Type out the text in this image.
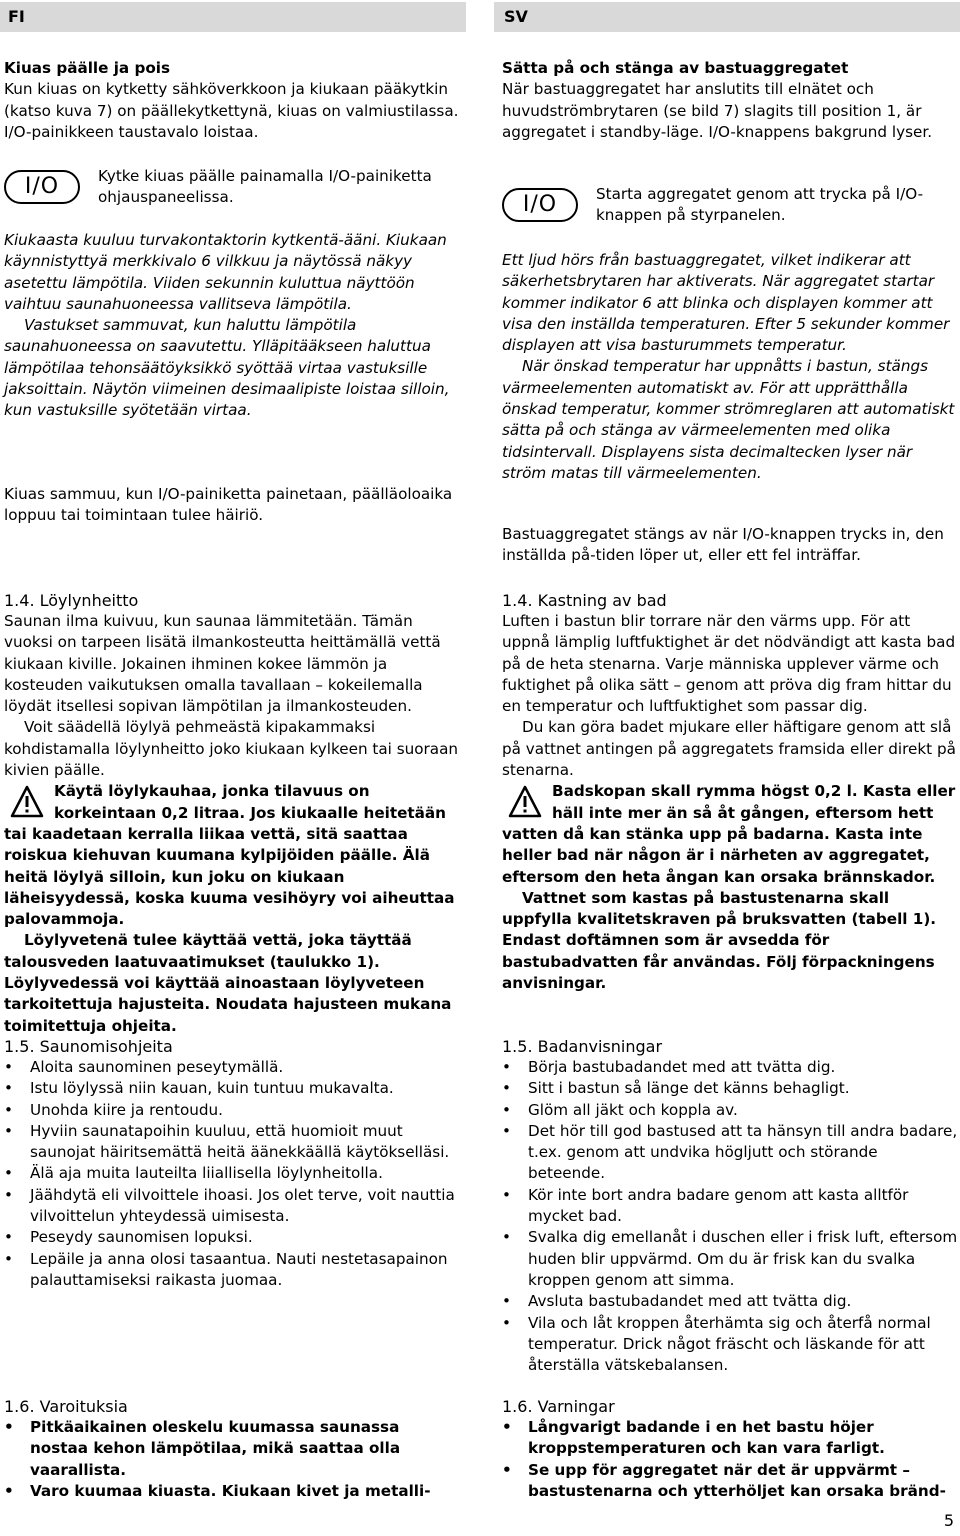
FI	SV

Kiuas päälle ja pois

Kun kiuas on kytketty sähköverkkoon ja kiukaan pääkytkin (katso kuva 7) on päällekytkettynä, kiuas on valmiustilassa. I/O-painikkeen taustavalo loistaa.

I/O	Kytke kiuas päälle painamalla I/O-painiketta ohjauspaneelissa.

Kiukaasta kuuluu turvakontaktorin kytkentä-ääni. Kiukaan käynnistyttyä merkkivalo 6 vilkkuu ja näytössä näkyy asetettu lämpötila. Viiden sekunnin kuluttua näyttöön vaihtuu saunahuoneessa vallitseva lämpötila.

Vastukset sammuvat, kun haluttu lämpötila saunahuoneessa on saavutettu. Ylläpitääkseen haluttua lämpötilaa tehonsäätöyksikkö syöttää virtaa vastuksille jaksoittain. Näytön viimeinen desimaalipiste loistaa silloin, kun vastuksille syötetään virtaa.

Kiuas sammuu, kun I/O-painiketta painetaan, päälläoloaika loppuu tai toimintaan tulee häiriö.
1.4. Löylynheitto

Saunan ilma kuivuu, kun saunaa lämmitetään. Tämän vuoksi on tarpeen lisätä ilmankosteutta heittämällä vettä kiukaan kiville. Jokainen ihminen kokee lämmön ja kosteuden vaikutuksen omalla tavallaan – kokeilemalla löydät itsellesi sopivan lämpötilan ja ilmankosteuden.

Voit säädellä löylyä pehmeästä kipakammaksi kohdistamalla löylynheitto joko kiukaan kylkeen tai suoraan kivien päälle.

Käytä löylykauhaa, jonka tilavuus on korkeintaan 0,2 litraa. Jos kiukaalle heitetään tai kaadetaan kerralla liikaa vettä, sitä saattaa roiskua kiehuvan kuumana kylpijöiden päälle. Älä heitä löylyä silloin, kun joku on kiukaan läheisyydessä, koska kuuma vesihöyry voi aiheuttaa palovammoja.

Löylyvetenä tulee käyttää vettä, joka täyttää talousveden laatuvaatimukset (taulukko 1). Löylyvedessä voi käyttää ainoastaan löylyveteen tarkoitettuja hajusteita. Noudata hajusteen mukana toimitettuja ohjeita.

1.5. Saunomisohjeita
• Aloita saunominen peseytymällä.
• Istu löylyssä niin kauan, kuin tuntuu mukavalta.
• Unohda kiire ja rentoudu.
• Hyviin saunatapoihin kuuluu, että huomioit muut saunojat häiritsemättä heitä äänekkäällä käytökselläsi.
• Älä aja muita lauteilta liiallisella löylynheitolla.
• Jäähdytä eli vilvoittele ihoasi. Jos olet terve, voit nauttia vilvoittelun yhteydessä uimisesta.
• Peseydy saunomisen lopuksi.
• Lepäile ja anna olosi tasaantua. Nauti nestetasapainon palauttamiseksi raikasta juomaa.
1.6. Varoituksia
• Pitkäaikainen oleskelu kuumassa saunassa nostaa kehon lämpötilaa, mikä saattaa olla vaarallista.
• Varo kuumaa kiuasta. Kiukaan kivet ja metalli-

Sätta på och stänga av bastuaggregatet

När bastuaggregatet har anslutits till elnätet och huvudströmbrytaren (se bild 7) slagits till position 1, är aggregatet i standby-läge. I/O-knappens bakgrund lyser.

I/O	Starta aggregatet genom att trycka på I/O-knappen på styrpanelen.

Ett ljud hörs från bastuaggregatet, vilket indikerar att säkerhetsbrytaren har aktiverats. När aggregatet startar kommer indikator 6 att blinka och displayen kommer att visa den inställda temperaturen. Efter 5 sekunder kommer displayen att visa basturummets temperatur.

När önskad temperatur har uppnåtts i bastun, stängs värmeelementen automatiskt av. För att upprätthålla önskad temperatur, kommer strömreglaren att automatiskt sätta på och stänga av värmeelementen med olika tidsintervall. Displayens sista decimaltecken lyser när ström matas till värmeelementen.

Bastuaggregatet stängs av när I/O-knappen trycks in, den inställda på-tiden löper ut, eller ett fel inträffar.
1.4. Kastning av bad

Luften i bastun blir torrare när den värms upp. För att uppnå lämplig luftfuktighet är det nödvändigt att kasta bad på de heta stenarna. Varje människa upplever värme och fuktighet på olika sätt – genom att pröva dig fram hittar du en temperatur och luftfuktighet som passar dig.

Du kan göra badet mjukare eller häftigare genom att slå på vattnet antingen på aggregatets framsida eller direkt på stenarna.

Badskopan skall rymma högst 0,2 l. Kasta eller häll inte mer än så åt gången, eftersom hett vatten då kan stänka upp på badarna. Kasta inte heller bad när någon är i närheten av aggregatet, eftersom den heta ångan kan orsaka brännskador.

Vattnet som kastas på bastustenarna skall uppfylla kvalitetskraven på bruksvatten (tabell 1). Endast doftämnen som är avsedda för bastubadvatten får användas. Följ förpackningens anvisningar.

1.5. Badanvisningar
• Börja bastubadandet med att tvätta dig.
• Sitt i bastun så länge det känns behagligt.
• Glöm all jäkt och koppla av.
• Det hör till god bastused att ta hänsyn till andra badare, t.ex. genom att undvika högljutt och störande beteende.
• Kör inte bort andra badare genom att kasta alltför mycket bad.
• Svalka dig emellanåt i duschen eller i frisk luft, eftersom huden blir uppvärmd. Om du är frisk kan du svalka kroppen genom att simma.
• Avsluta bastubadandet med att tvätta dig.
• Vila och låt kroppen återhämta sig och återfå normal temperatur. Drick något fräscht och läskande för att återställa vätskebalansen.
1.6. Varningar
• Långvarigt badande i en het bastu höjer kroppstemperaturen och kan vara farligt.
• Se upp för aggregatet när det är uppvärmt – bastustenarna och ytterhöljet kan orsaka bränd-
5
